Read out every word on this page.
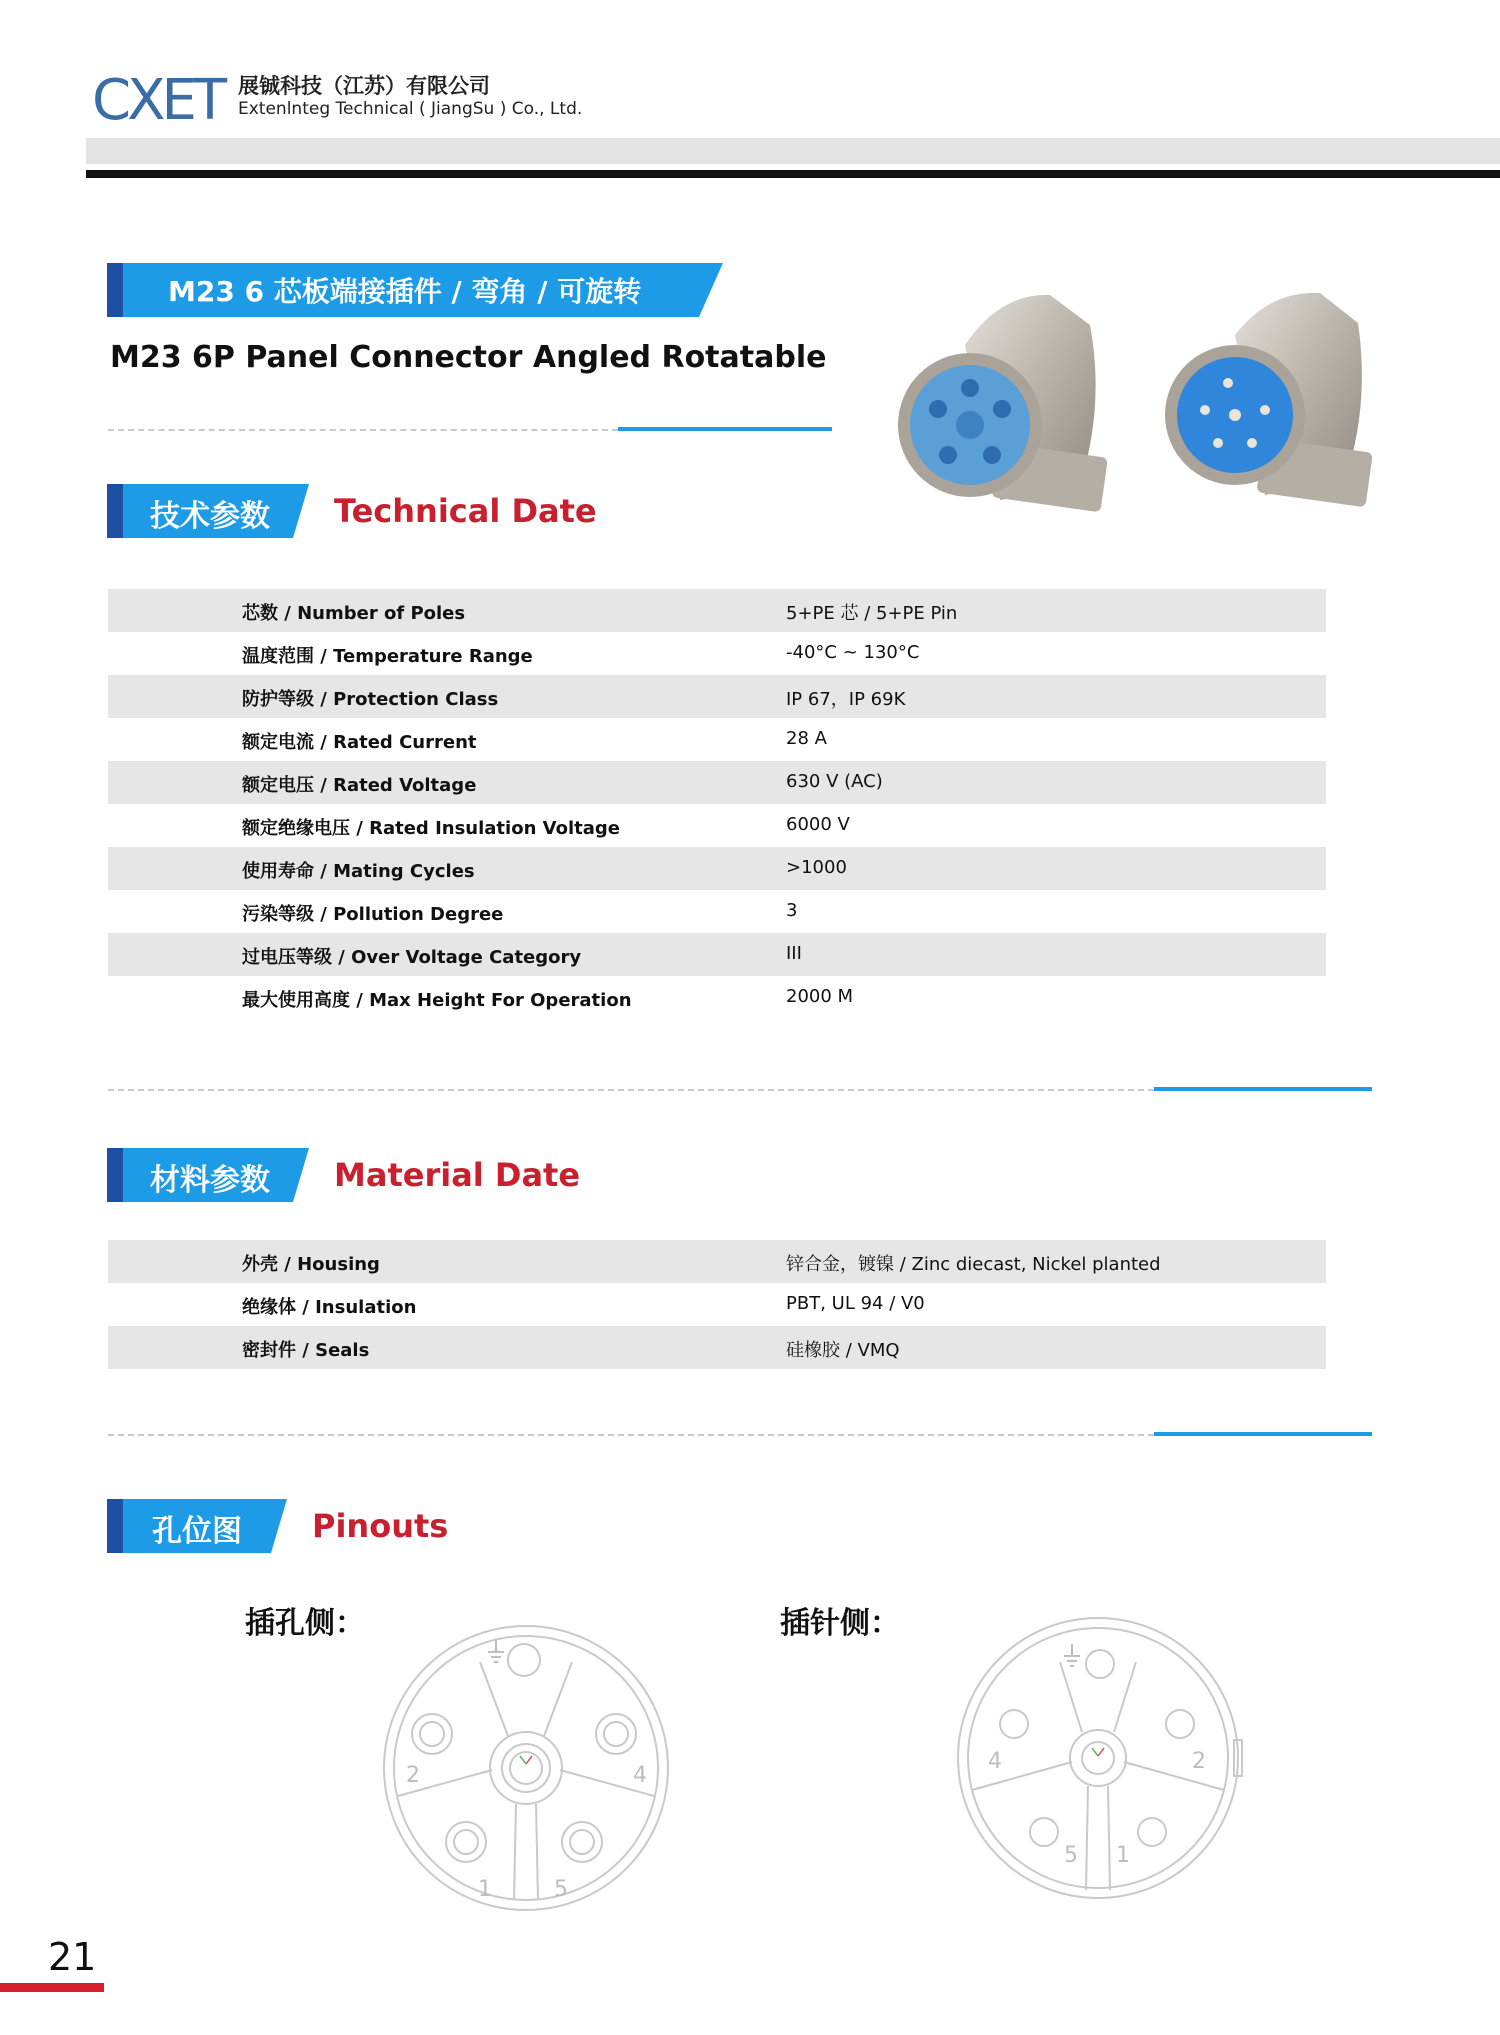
CXET 展铖科技（江苏）有限公司
Extenlnteg Technical ( JiangSu ) Co., Ltd.
M23 6 芯板端接插件 / 弯角 / 可旋转
M23 6P Panel Connector Angled Rotatable
技术参数 Technical Date
芯数 / Number of Poles	5+PE 芯 / 5+PE Pin
温度范围 / Temperature Range	-40°C ~ 130°C
防护等级 / Protection Class	IP 67，IP 69K
额定电流 / Rated Current	28 A
额定电压 / Rated Voltage	630 V (AC)
额定绝缘电压 / Rated Insulation Voltage	6000 V
使用寿命 / Mating Cycles	>1000
污染等级 / Pollution Degree	3
过电压等级 / Over Voltage Category	III
最大使用高度 / Max Height For Operation	2000 M
材料参数 Material Date
外壳 / Housing	锌合金，镀镍 / Zinc diecast, Nickel planted
绝缘体 / Insulation	PBT, UL 94 / V0
密封件 / Seals	硅橡胶 / VMQ
孔位图 Pinouts
插孔侧：	插针侧：
2	4
1	5
4	2
5 1
21
